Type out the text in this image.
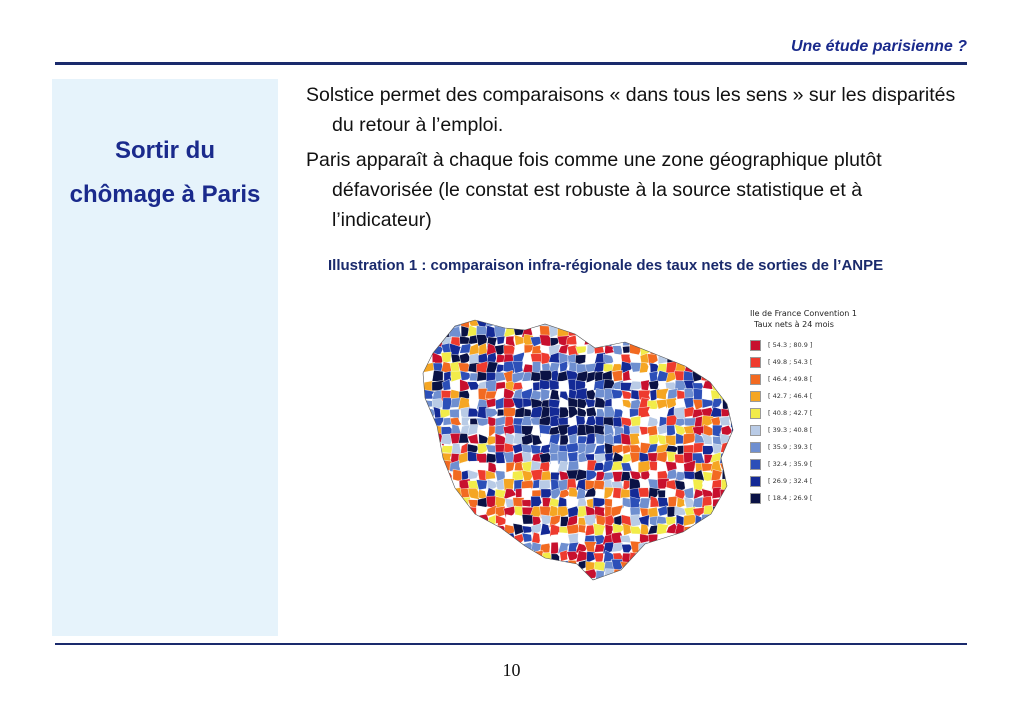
Une étude parisienne ?
Sortir du
chômage à Paris

Solstice permet des comparaisons « dans tous les sens » sur les disparités du retour à l’emploi.

Paris apparaît à chaque fois comme une zone géographique plutôt défavorisée (le constat est robuste à la source statistique et à l’indicateur)

Illustration 1 : comparaison infra-régionale des taux nets de sorties de l’ANPE
Ile de France Convention 1
Taux nets à 24 mois
[ 54.3 ; 80.9 ]
[ 49.8 ; 54.3 [
[ 46.4 ; 49.8 [
[ 42.7 ; 46.4 [
[ 40.8 ; 42.7 [
[ 39.3 ; 40.8 [
[ 35.9 ; 39.3 [
[ 32.4 ; 35.9 [
[ 26.9 ; 32.4 [
[ 18.4 ; 26.9 [
10
